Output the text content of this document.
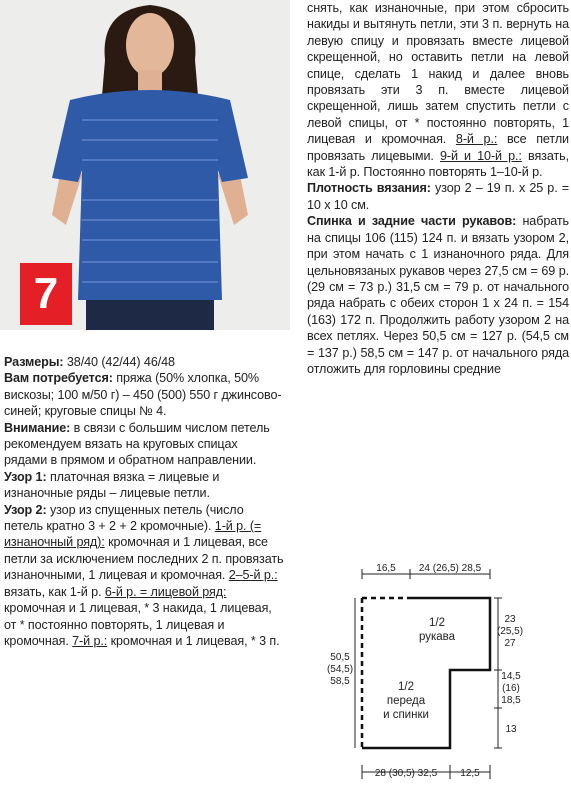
7

Размеры: 38/40 (42/44) 46/48

Вам потребуется: пряжа (50% хлопка, 50% вискозы; 100 м/50 г) – 450 (500) 550 г джинсово-синей; круговые спицы № 4.

Внимание: в связи с большим числом петель рекомендуем вязать на круговых спицах рядами в прямом и обратном направлении.

Узор 1: платочная вязка = лицевые и изнаночные ряды – лицевые петли.

Узор 2: узор из спущенных петель (число петель кратно 3 + 2 + 2 кромочные). 1-й р. (= изнаночный ряд): кромочная и 1 лицевая, все петли за исключением последних 2 п. провязать изнаночными, 1 лицевая и кромочная. 2–5-й р.: вязать, как 1-й р. 6-й р. = лицевой ряд: кромочная и 1 лицевая, * 3 накида, 1 лицевая, от * постоянно повторять, 1 лицевая и кромочная. 7-й р.: кромочная и 1 лицевая, * 3 п.

снять, как изнаночные, при этом сбросить накиды и вытянуть петли, эти 3 п. вернуть на левую спицу и провязать вместе лицевой скрещенной, но оставить петли на левой спице, сделать 1 накид и далее вновь провязать эти 3 п. вместе лицевой скрещенной, лишь затем спустить петли с левой спицы, от * постоянно повторять, 1 лицевая и кромочная. 8-й р.: все петли провязать лицевыми. 9-й и 10-й р.: вязать, как 1-й р. Постоянно повторять 1–10-й р.

Плотность вязания: узор 2 – 19 п. х 25 р. = 10 х 10 см.

Спинка и задние части рукавов: набрать на спицы 106 (115) 124 п. и вязать узором 2, при этом начать с 1 изнаночного ряда. Для цельновязаных рукавов через 27,5 см = 69 р. (29 см = 73 р.) 31,5 см = 79 р. от начального ряда набрать с обеих сторон 1 х 24 п. = 154 (163) 172 п. Продолжить работу узором 2 на всех петлях. Через 50,5 см = 127 р. (54,5 см = 137 р.) 58,5 см = 147 р. от начального ряда отложить для горловины средние

16,5 24 (26,5) 28,5
1/2
рукава
1/2
переда
и спинки
23
(25,5)
27
14,5
(16)
18,5
13
50,5
(54,5)
58,5
28 (30,5) 32,5 12,5
